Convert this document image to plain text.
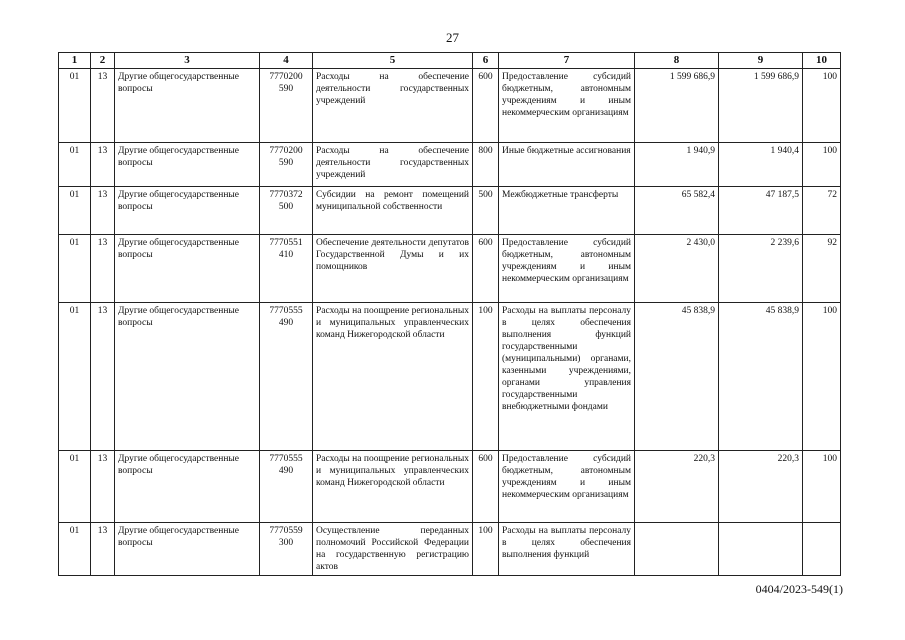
27
1	2	3	4	5	6	7	8	9	10
01	13	Другие общегосударственные вопросы	7770200 590	Расходы на обеспечение деятельности государственных учреждений	600	Предоставление субсидий бюджетным, автономным учреждениям и иным некоммерческим организациям	1 599 686,9	1 599 686,9	100
01	13	Другие общегосударственные вопросы	7770200 590	Расходы на обеспечение деятельности государственных учреждений	800	Иные бюджетные ассигнования	1 940,9	1 940,4	100
01	13	Другие общегосударственные вопросы	7770372 500	Субсидии на ремонт помещений муниципальной собственности	500	Межбюджетные трансферты	65 582,4	47 187,5	72
01	13	Другие общегосударственные вопросы	7770551 410	Обеспечение деятельности депутатов Государственной Думы и их помощников	600	Предоставление субсидий бюджетным, автономным учреждениям и иным некоммерческим организациям	2 430,0	2 239,6	92
01	13	Другие общегосударственные вопросы	7770555 490	Расходы на поощрение региональных и муниципальных управленческих команд Нижегородской области	100	Расходы на выплаты персоналу в целях обеспечения выполнения функций государственными (муниципальными) органами, казенными учреждениями, органами управления государственными внебюджетными фондами	45 838,9	45 838,9	100
01	13	Другие общегосударственные вопросы	7770555 490	Расходы на поощрение региональных и муниципальных управленческих команд Нижегородской области	600	Предоставление субсидий бюджетным, автономным учреждениям и иным некоммерческим организациям	220,3	220,3	100
01	13	Другие общегосударственные вопросы	7770559 300	Осуществление переданных полномочий Российской Федерации на государственную регистрацию актов	100	Расходы на выплаты персоналу в целях обеспечения выполнения функций			
0404/2023-549(1)
